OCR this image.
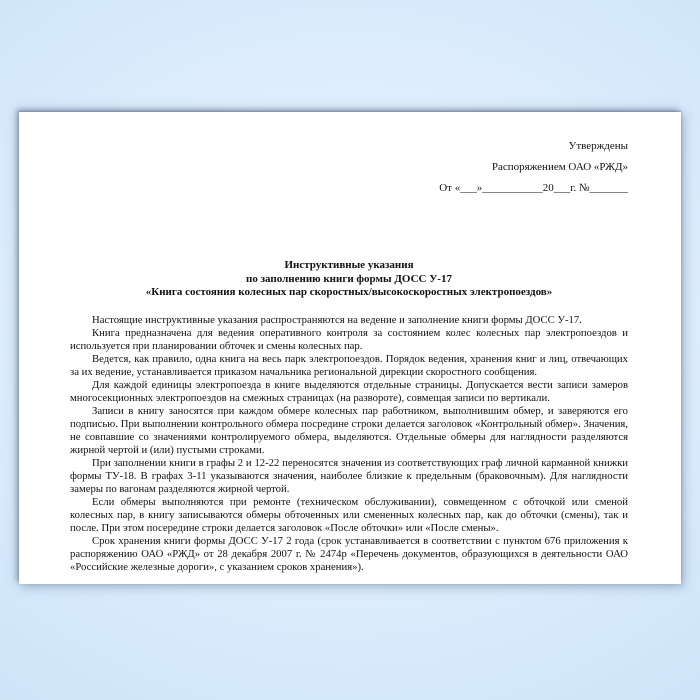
Утверждены
Распоряжением ОАО «РЖД»
От «___»___________20___г. №_______
Инструктивные указания
по заполнению книги формы ДОСС У-17
«Книга состояния колесных пар скоростных/высокоскоростных электропоездов»

Настоящие инструктивные указания распространяются на ведение и заполнение книги формы ДОСС У-17.

Книга предназначена для ведения оперативного контроля за состоянием колес колесных пар электропоездов и используется при планировании обточек и смены колесных пар.

Ведется, как правило, одна книга на весь парк электропоездов. Порядок ведения, хранения книг и лиц, отвечающих за их ведение, устанавливается приказом начальника региональной дирекции скоростного сообщения.

Для каждой единицы электропоезда в книге выделяются отдельные страницы. Допускается вести записи замеров многосекционных электропоездов на смежных страницах (на развороте), совмещая записи по вертикали.

Записи в книгу заносятся при каждом обмере колесных пар работником, выполнившим обмер, и заверяются его подписью. При выполнении контрольного обмера посредине строки делается заголовок «Контрольный обмер». Значения, не совпавшие со значениями контролируемого обмера, выделяются. Отдельные обмеры для наглядности разделяются жирной чертой и (или) пустыми строками.

При заполнении книги в графы 2 и 12-22 переносятся значения из соответствующих граф личной карманной книжки формы ТУ-18. В графах 3-11 указываются значения, наиболее близкие к предельным (браковочным). Для наглядности замеры по вагонам разделяются жирной чертой.

Если обмеры выполняются при ремонте (техническом обслуживании), совмещенном с обточкой или сменой колесных пар, в книгу записываются обмеры обточенных или смененных колесных пар, как до обточки (смены), так и после. При этом посередине строки делается заголовок «После обточки» или «После смены».

Срок хранения книги формы ДОСС У-17 2 года (срок устанавливается в соответствии с пунктом 676 приложения к распоряжению ОАО «РЖД» от 28 декабря 2007 г. № 2474р «Перечень документов, образующихся в деятельности ОАО «Российские железные дороги», с указанием сроков хранения»).
